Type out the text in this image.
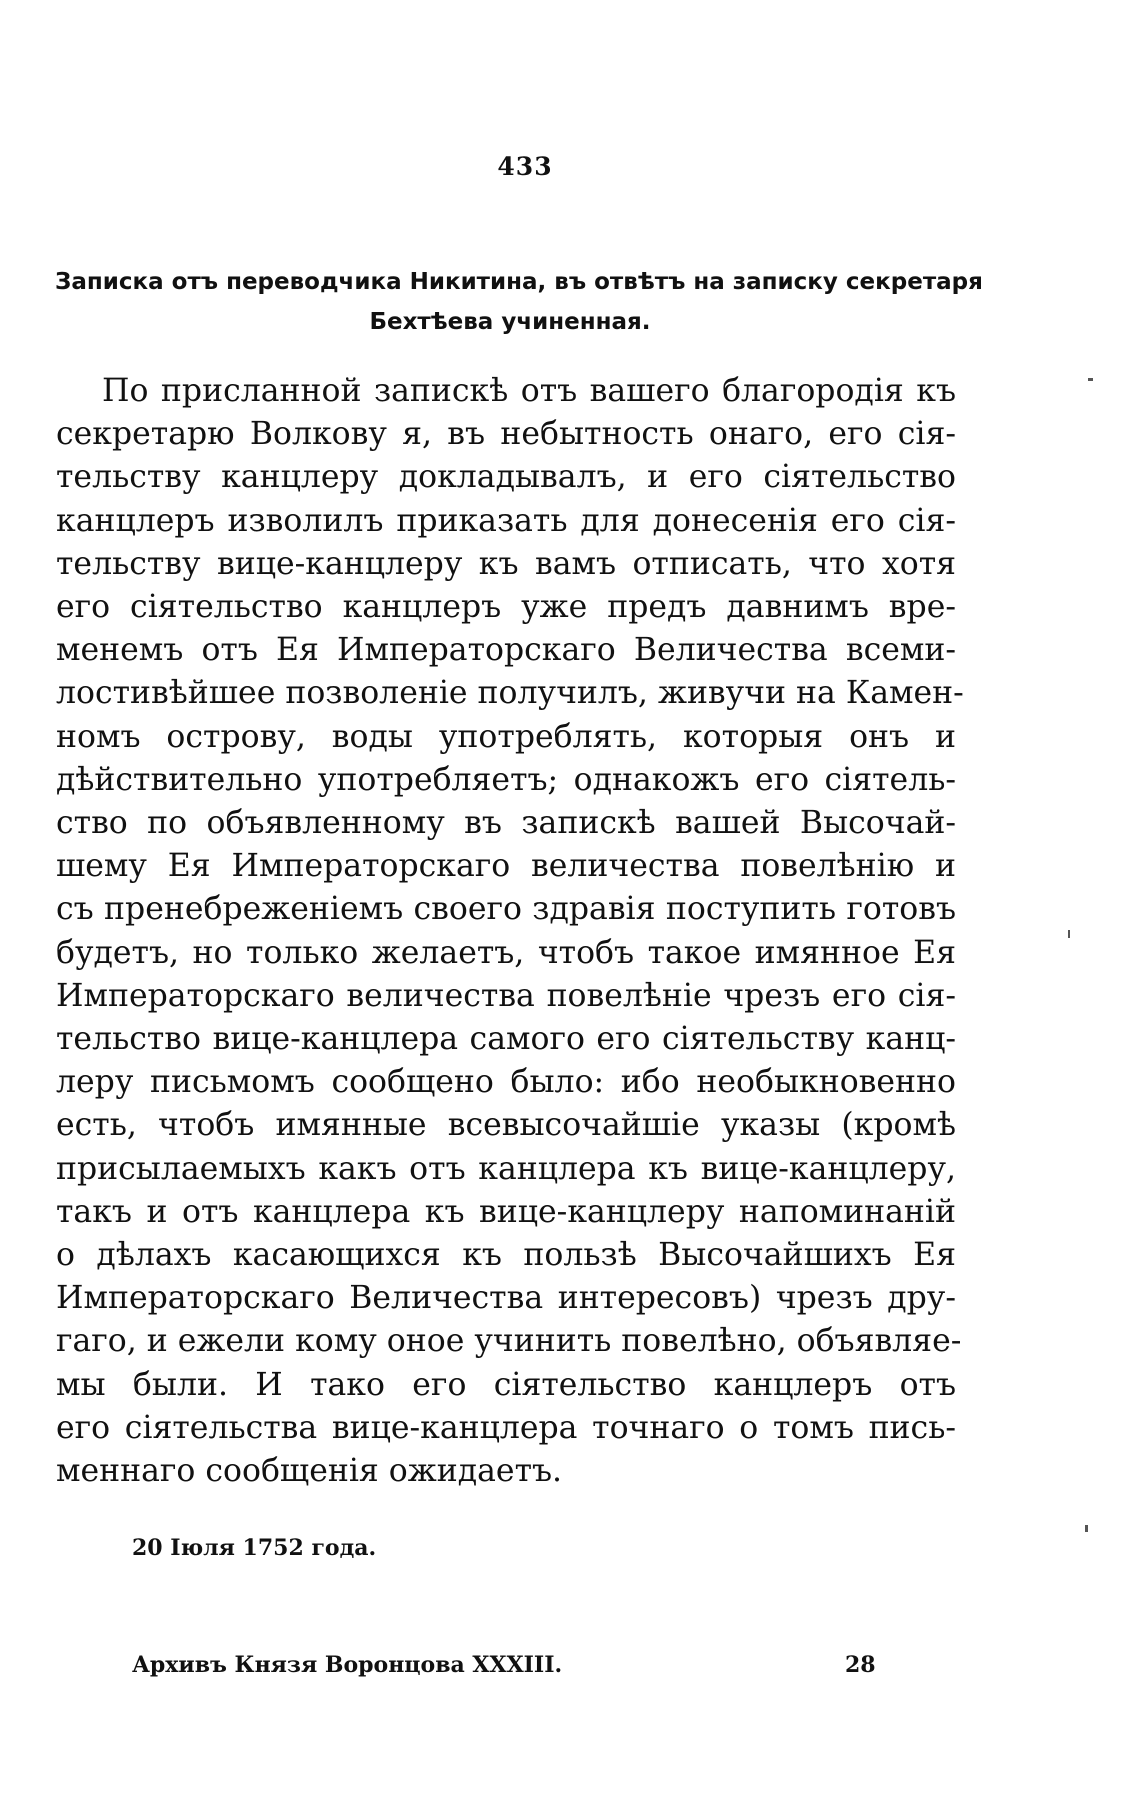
433
Записка отъ переводчика Никитина, въ отвѣтъ на записку секретаря
Бехтѣева учиненная.
По присланной запискѣ отъ вашего благородія къ
секретарю Волкову я, въ небытность онаго, его сія-
тельству канцлеру докладывалъ, и его сіятельство
канцлеръ изволилъ приказать для донесенія его сія-
тельству вице-канцлеру къ вамъ отписать, что хотя
его сіятельство канцлеръ уже предъ давнимъ вре-
менемъ отъ Ея Императорскаго Величества всеми-
лостивѣйшее позволеніе получилъ, живучи на Камен-
номъ острову, воды употреблять, которыя онъ и
дѣйствительно употребляетъ; однакожъ его сіятель-
ство по объявленному въ запискѣ вашей Высочай-
шему Ея Императорскаго величества повелѣнію и
съ пренебреженіемъ своего здравія поступить готовъ
будетъ, но только желаетъ, чтобъ такое имянное Ея
Императорскаго величества повелѣніе чрезъ его сія-
тельство вице-канцлера самого его сіятельству канц-
леру письмомъ сообщено было: ибо необыкновенно
есть, чтобъ имянные всевысочайшіе указы (кромѣ
присылаемыхъ какъ отъ канцлера къ вице-канцлеру,
такъ и отъ канцлера къ вице-канцлеру напоминаній
о дѣлахъ касающихся къ пользѣ Высочайшихъ Ея
Императорскаго Величества интересовъ) чрезъ дру-
гаго, и ежели кому оное учинить повелѣно, объявляе-
мы были. И тако его сіятельство канцлеръ отъ
его сіятельства вице-канцлера точнаго о томъ пись-
меннаго сообщенія ожидаетъ.
20 Іюля 1752 года.
Архивъ Князя Воронцова XXXIII.	28
